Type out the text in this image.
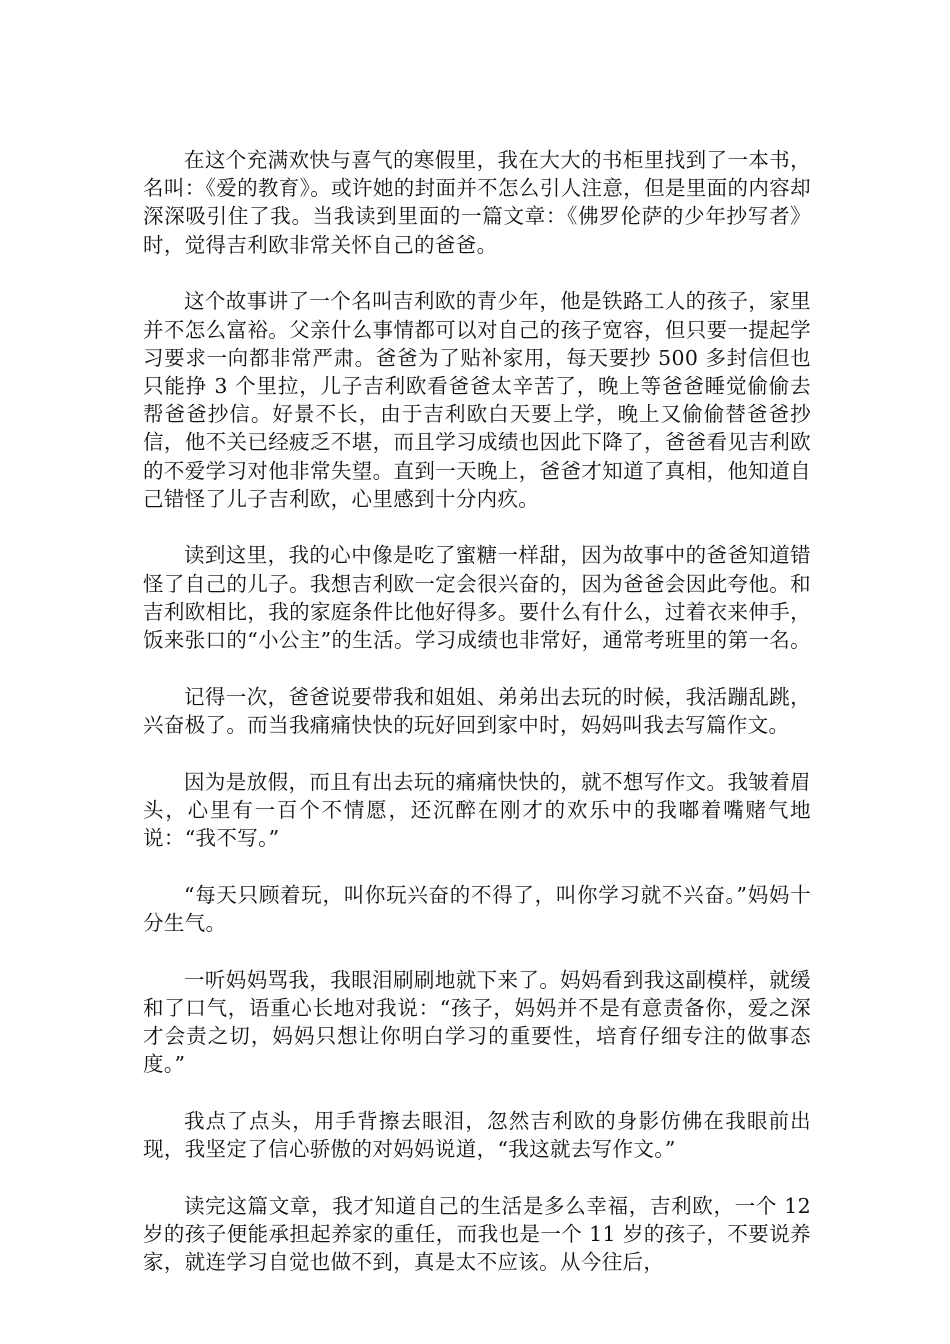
在这个充满欢快与喜气的寒假里，我在大大的书柜里找到了一本书，名叫：《爱的教育》。或许她的封面并不怎么引人注意，但是里面的内容却深深吸引住了我。当我读到里面的一篇文章：《佛罗伦萨的少年抄写者》时，觉得吉利欧非常关怀自己的爸爸。

这个故事讲了一个名叫吉利欧的青少年，他是铁路工人的孩子，家里并不怎么富裕。父亲什么事情都可以对自己的孩子宽容，但只要一提起学习要求一向都非常严肃。爸爸为了贴补家用，每天要抄 500 多封信但也只能挣 3 个里拉，儿子吉利欧看爸爸太辛苦了，晚上等爸爸睡觉偷偷去帮爸爸抄信。好景不长，由于吉利欧白天要上学，晚上又偷偷替爸爸抄信，他不关已经疲乏不堪，而且学习成绩也因此下降了，爸爸看见吉利欧的不爱学习对他非常失望。直到一天晚上，爸爸才知道了真相，他知道自己错怪了儿子吉利欧，心里感到十分内疚。

读到这里，我的心中像是吃了蜜糖一样甜，因为故事中的爸爸知道错怪了自己的儿子。我想吉利欧一定会很兴奋的，因为爸爸会因此夸他。和吉利欧相比，我的家庭条件比他好得多。要什么有什么，过着衣来伸手，饭来张口的“小公主”的生活。学习成绩也非常好，通常考班里的第一名。

记得一次，爸爸说要带我和姐姐、弟弟出去玩的时候，我活蹦乱跳，兴奋极了。而当我痛痛快快的玩好回到家中时，妈妈叫我去写篇作文。

因为是放假，而且有出去玩的痛痛快快的，就不想写作文。我皱着眉头，心里有一百个不情愿，还沉醉在刚才的欢乐中的我嘟着嘴赌气地说：“我不写。”

“每天只顾着玩，叫你玩兴奋的不得了，叫你学习就不兴奋。”妈妈十分生气。

一听妈妈骂我，我眼泪刷刷地就下来了。妈妈看到我这副模样，就缓和了口气，语重心长地对我说：“孩子，妈妈并不是有意责备你，爱之深才会责之切，妈妈只想让你明白学习的重要性，培育仔细专注的做事态度。”

我点了点头，用手背擦去眼泪，忽然吉利欧的身影仿佛在我眼前出现，我坚定了信心骄傲的对妈妈说道，“我这就去写作文。”

读完这篇文章，我才知道自己的生活是多么幸福，吉利欧，一个 12 岁的孩子便能承担起养家的重任，而我也是一个 11 岁的孩子，不要说养家，就连学习自觉也做不到，真是太不应该。从今往后，
